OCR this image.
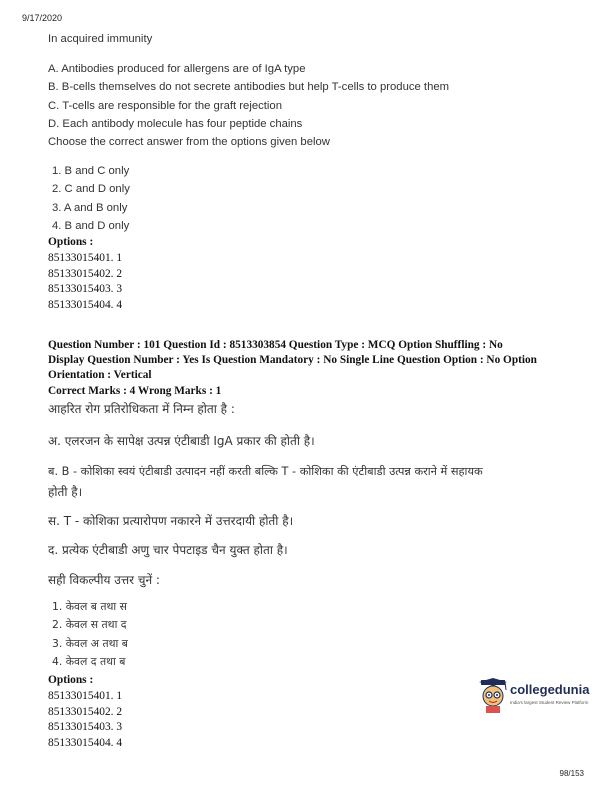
9/17/2020
In acquired immunity
A. Antibodies produced for allergens are of IgA type
B. B-cells themselves do not secrete antibodies but help T-cells to produce them
C. T-cells are responsible for the graft rejection
D. Each antibody molecule has four peptide chains
Choose the correct answer from the options given below
1. B and C only
2. C and D only
3. A and B only
4. B and D only
Options :
85133015401. 1
85133015402. 2
85133015403. 3
85133015404. 4
Question Number : 101 Question Id : 8513303854 Question Type : MCQ Option Shuffling : No
Display Question Number : Yes Is Question Mandatory : No Single Line Question Option : No Option
Orientation : Vertical
Correct Marks : 4 Wrong Marks : 1
आहरित रोग प्रतिरोधिकता में निम्न होता है :
अ. एलरजन के सापेक्ष उत्पन्न एंटीबाडी IgA प्रकार की होती है।
ब. B - कोशिका स्वयं एंटीबाडी उत्पादन नहीं करती बल्कि T - कोशिका की एंटीबाडी उत्पन्न कराने में सहायक
होती है।
स. T - कोशिका प्रत्यारोपण नकारने में उत्तरदायी होती है।
द. प्रत्येक एंटीबाडी अणु चार पेपटाइड चैन युक्त होता है।
सही विकल्पीय उत्तर चुनें :
1. केवल ब तथा स
2. केवल स तथा द
3. केवल अ तथा ब
4. केवल द तथा ब
Options :
85133015401. 1
85133015402. 2
85133015403. 3
85133015404. 4
collegedunia
India's largest Student Review Platform
98/153
